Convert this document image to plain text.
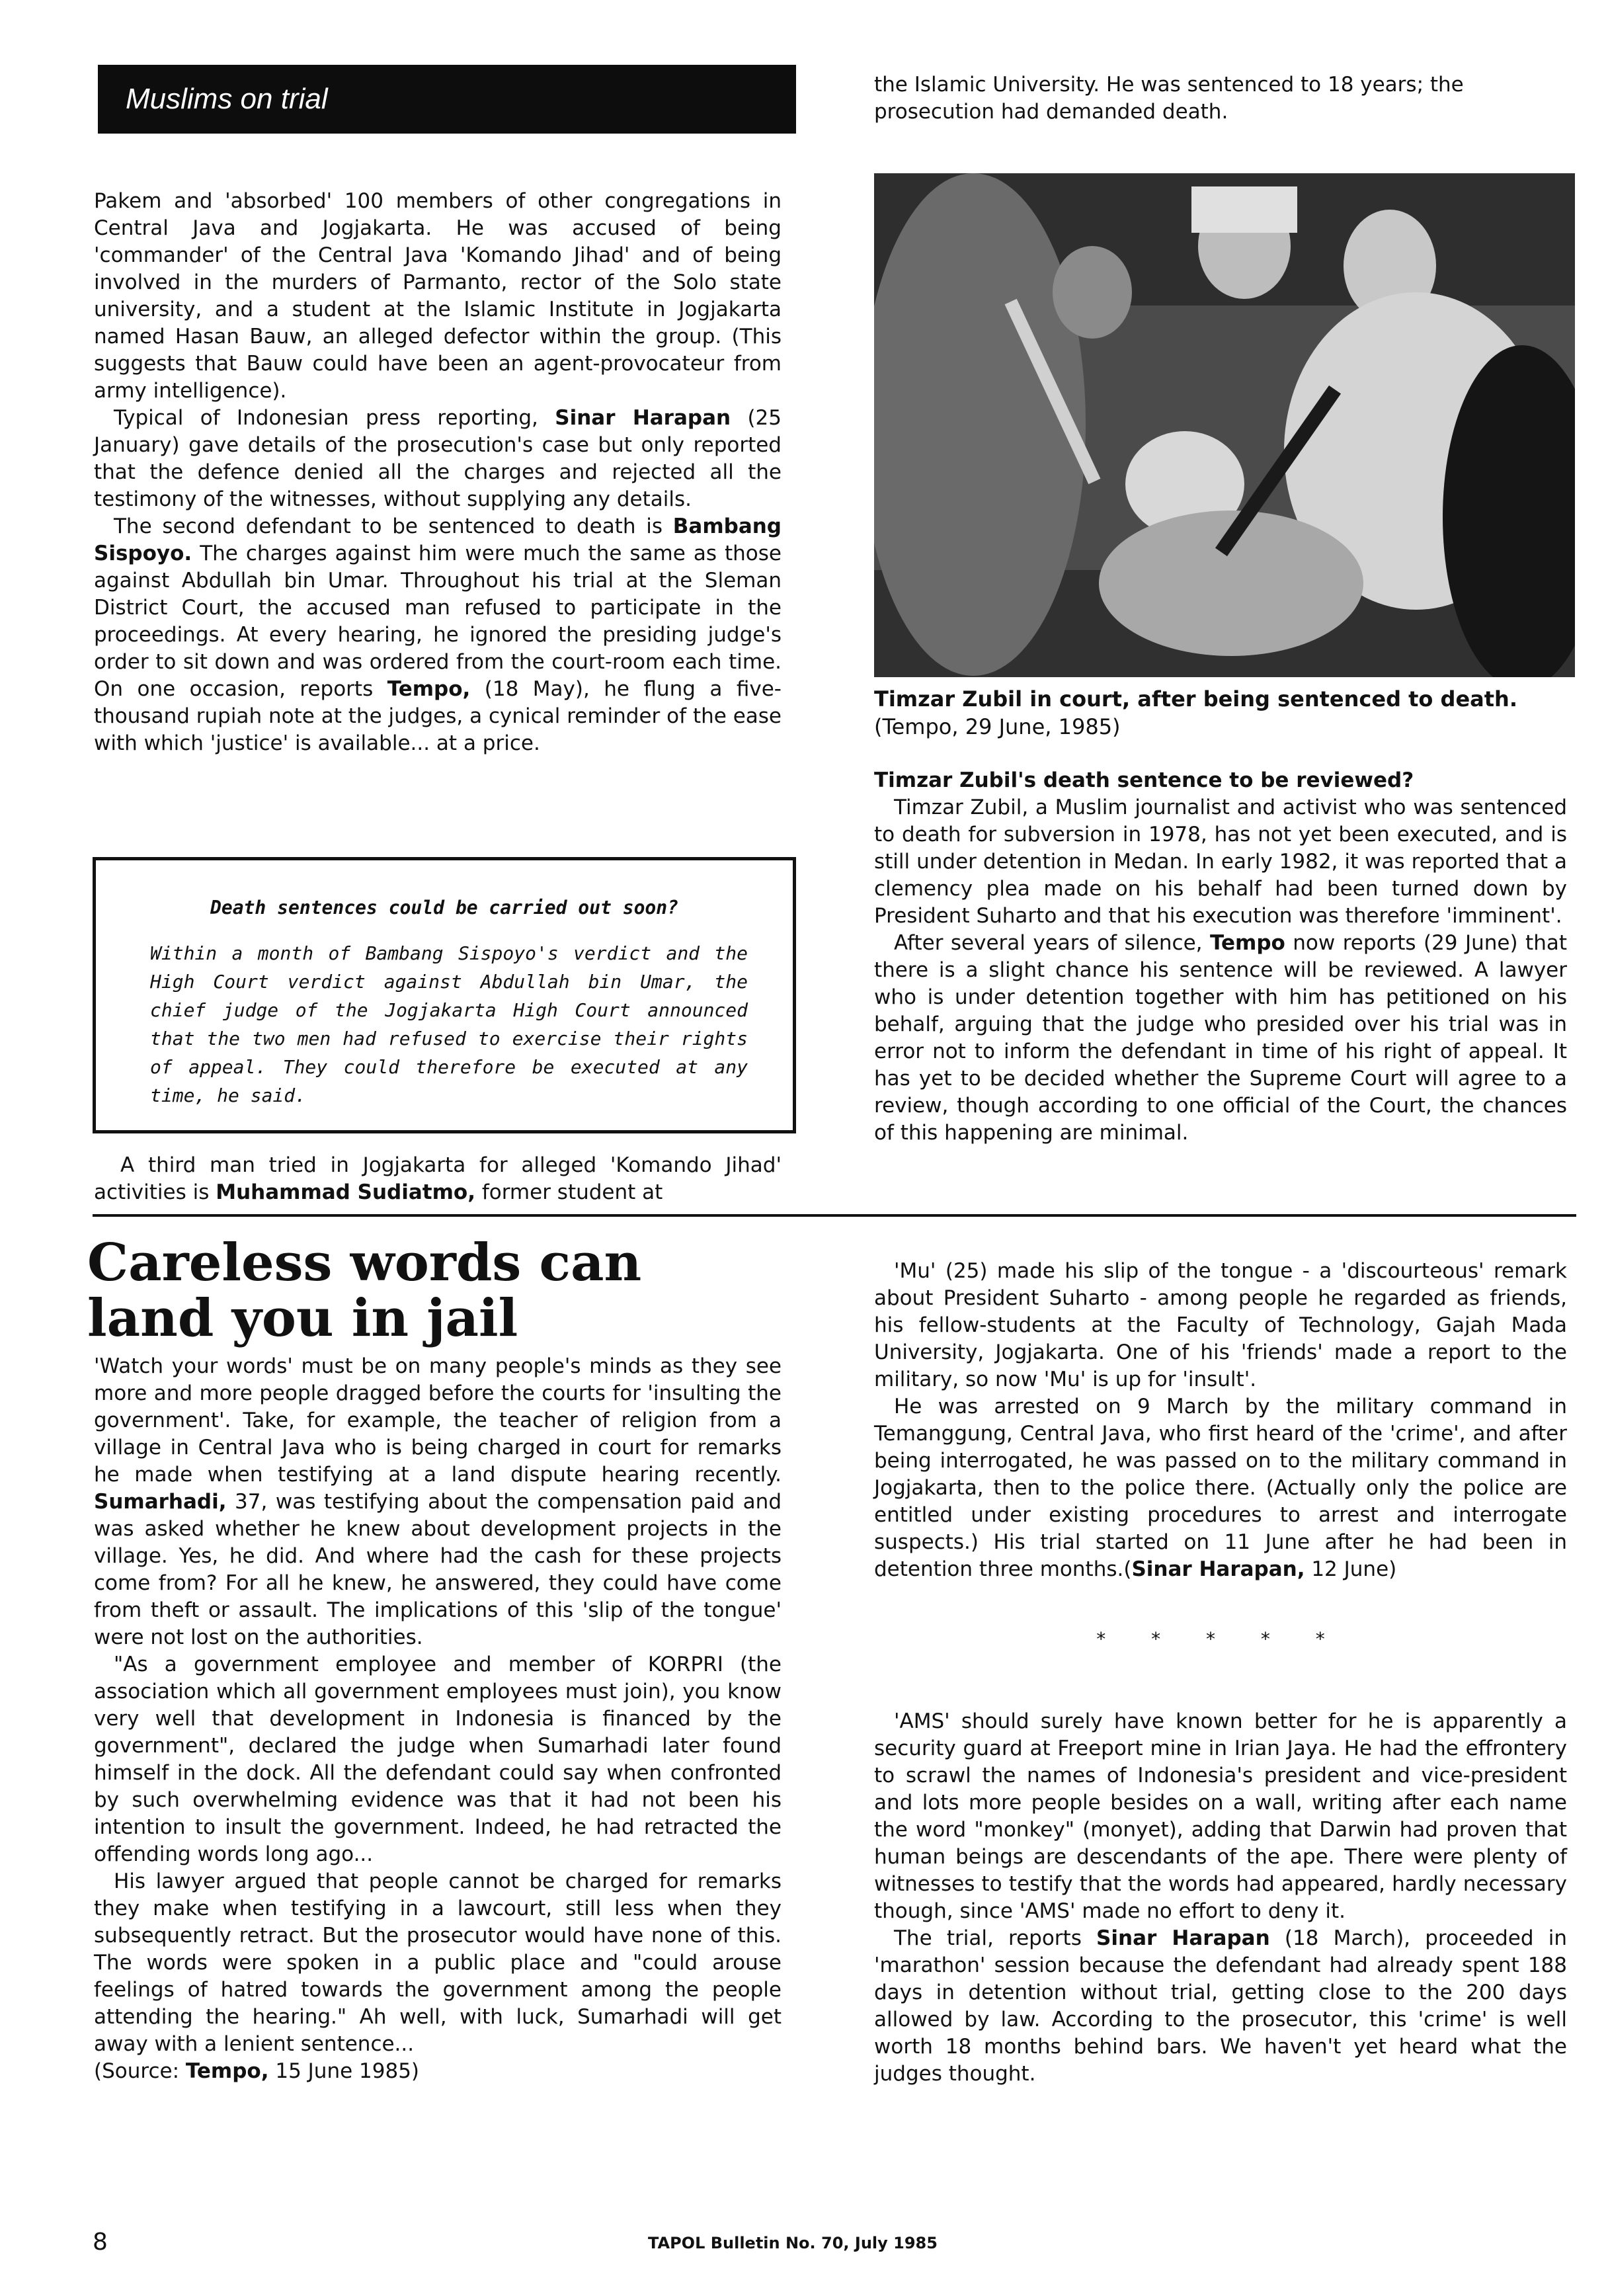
Muslims on trial

Pakem and 'absorbed' 100 members of other congregations in Central Java and Jogjakarta. He was accused of being 'commander' of the Central Java 'Komando Jihad' and of being involved in the murders of Parmanto, rector of the Solo state university, and a student at the Islamic Institute in Jogjakarta named Hasan Bauw, an alleged defector within the group. (This suggests that Bauw could have been an agent-provocateur from army intelligence).

Typical of Indonesian press reporting, Sinar Harapan (25 January) gave details of the prosecution's case but only reported that the defence denied all the charges and rejected all the testimony of the witnesses, without supplying any details.

The second defendant to be sentenced to death is Bambang Sispoyo. The charges against him were much the same as those against Abdullah bin Umar. Throughout his trial at the Sleman District Court, the accused man refused to participate in the proceedings. At every hearing, he ignored the presiding judge's order to sit down and was ordered from the court-room each time. On one occasion, reports Tempo, (18 May), he flung a five-thousand rupiah note at the judges, a cynical reminder of the ease with which 'justice' is available... at a price.

Death sentences could be carried out soon?
Within a month of Bambang Sispoyo's verdict and the High Court verdict against Abdullah bin Umar, the chief judge of the Jogjakarta High Court announced that the two men had refused to exercise their rights of appeal. They could therefore be executed at any time, he said.

A third man tried in Jogjakarta for alleged 'Komando Jihad' activities is Muhammad Sudiatmo, former student at

the Islamic University. He was sentenced to 18 years; the prosecution had demanded death.
Timzar Zubil in court, after being sentenced to death. (Tempo, 29 June, 1985)
Timzar Zubil's death sentence to be reviewed?

Timzar Zubil, a Muslim journalist and activist who was sentenced to death for subversion in 1978, has not yet been executed, and is still under detention in Medan. In early 1982, it was reported that a clemency plea made on his behalf had been turned down by President Suharto and that his execution was therefore 'imminent'.

After several years of silence, Tempo now reports (29 June) that there is a slight chance his sentence will be reviewed. A lawyer who is under detention together with him has petitioned on his behalf, arguing that the judge who presided over his trial was in error not to inform the defendant in time of his right of appeal. It has yet to be decided whether the Supreme Court will agree to a review, though according to one official of the Court, the chances of this happening are minimal.

Careless words can land you in jail

'Watch your words' must be on many people's minds as they see more and more people dragged before the courts for 'insulting the government'. Take, for example, the teacher of religion from a village in Central Java who is being charged in court for remarks he made when testifying at a land dispute hearing recently. Sumarhadi, 37, was testifying about the compensation paid and was asked whether he knew about development projects in the village. Yes, he did. And where had the cash for these projects come from? For all he knew, he answered, they could have come from theft or assault. The implications of this 'slip of the tongue' were not lost on the authorities.

"As a government employee and member of KORPRI (the association which all government employees must join), you know very well that development in Indonesia is financed by the government", declared the judge when Sumarhadi later found himself in the dock. All the defendant could say when confronted by such overwhelming evidence was that it had not been his intention to insult the government. Indeed, he had retracted the offending words long ago...

His lawyer argued that people cannot be charged for remarks they make when testifying in a lawcourt, still less when they subsequently retract. But the prosecutor would have none of this. The words were spoken in a public place and "could arouse feelings of hatred towards the government among the people attending the hearing." Ah well, with luck, Sumarhadi will get away with a lenient sentence...

(Source: Tempo, 15 June 1985)

'Mu' (25) made his slip of the tongue - a 'discourteous' remark about President Suharto - among people he regarded as friends, his fellow-students at the Faculty of Technology, Gajah Mada University, Jogjakarta. One of his 'friends' made a report to the military, so now 'Mu' is up for 'insult'.

He was arrested on 9 March by the military command in Temanggung, Central Java, who first heard of the 'crime', and after being interrogated, he was passed on to the military command in Jogjakarta, then to the police there. (Actually only the police are entitled under existing procedures to arrest and interrogate suspects.) His trial started on 11 June after he had been in detention three months.(Sinar Harapan, 12 June)

* * * * *

'AMS' should surely have known better for he is apparently a security guard at Freeport mine in Irian Jaya. He had the effrontery to scrawl the names of Indonesia's president and vice-president and lots more people besides on a wall, writing after each name the word "monkey" (monyet), adding that Darwin had proven that human beings are descendants of the ape. There were plenty of witnesses to testify that the words had appeared, hardly necessary though, since 'AMS' made no effort to deny it.

The trial, reports Sinar Harapan (18 March), proceeded in 'marathon' session because the defendant had already spent 188 days in detention without trial, getting close to the 200 days allowed by law. According to the prosecutor, this 'crime' is well worth 18 months behind bars. We haven't yet heard what the judges thought.

8	TAPOL Bulletin No. 70, July 1985
